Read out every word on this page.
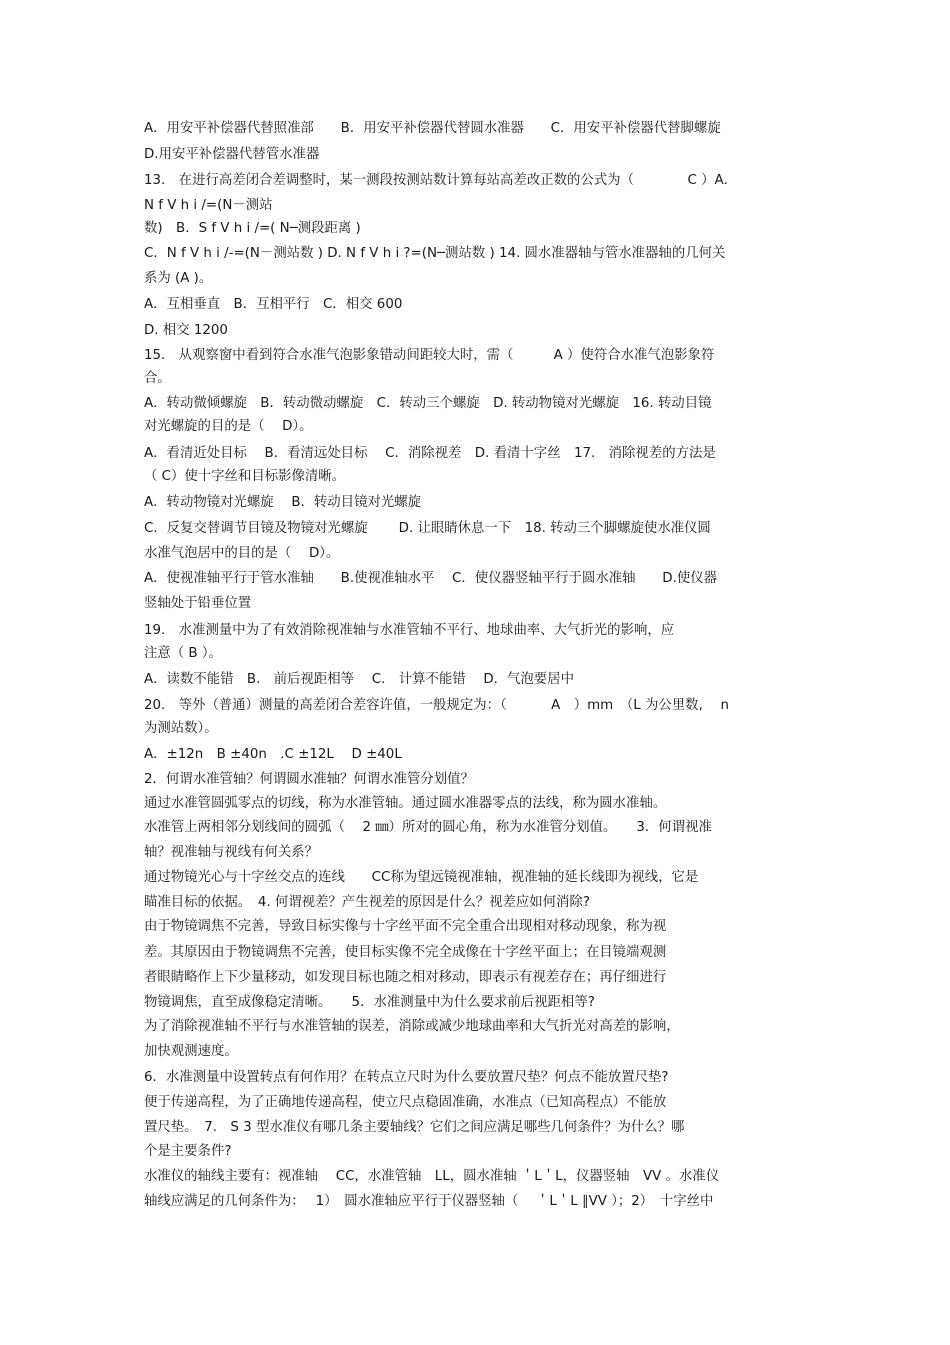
A．用安平补偿器代替照准部　　B．用安平补偿器代替圆水准器　　C．用安平补偿器代替脚螺旋
D.用安平补偿器代替管水准器
13.　在进行高差闭合差调整时，某一测段按测站数计算每站高差改正数的公式为（　　　　C ）A．
N f V h i /=(N－测站
数)　B．S f V h i /=( N─测段距离 )
C．N f V h i /-=(N－测站数 ) D. N f V h i ?=(N─测站数 ) 14. 圆水准器轴与管水准器轴的几何关
系为 (A )。
A．互相垂直　B．互相平行　C．相交 600
D. 相交 1200
15.　从观察窗中看到符合水准气泡影象错动间距较大时，需（　　　A ）使符合水准气泡影象符
合。
A．转动微倾螺旋　B．转动微动螺旋　C．转动三个螺旋　D. 转动物镜对光螺旋　16. 转动目镜
对光螺旋的目的是（　 D）。
A．看清近处目标　 B．看清远处目标　 C．消除视差　D. 看清十字丝　17.　消除视差的方法是
（ C）使十字丝和目标影像清晰。
A．转动物镜对光螺旋　 B．转动目镜对光螺旋
C．反复交替调节目镜及物镜对光螺旋　　 D. 让眼睛休息一下　18. 转动三个脚螺旋使水准仪圆
水准气泡居中的目的是（　 D）。
A．使视准轴平行于管水准轴　　B.使视准轴水平　 C．使仪器竖轴平行于圆水准轴　　D.使仪器
竖轴处于铅垂位置
19.　水准测量中为了有效消除视准轴与水准管轴不平行、地球曲率、大气折光的影响，应
注意（ B ）。
A．读数不能错　B.　前后视距相等　 C.　计算不能错　 D．气泡要居中
20.　等外（普通）测量的高差闭合差容许值，一般规定为：（　　　 A　）mm　（L 为公里数,　 n
为测站数）。
A．±12n　B ±40n　.C ±12L　 D ±40L
2．何谓水准管轴？何谓圆水准轴？何谓水准管分划值？
通过水准管圆弧零点的切线，称为水准管轴。通过圆水准器零点的法线，称为圆水准轴。
水准管上两相邻分划线间的圆弧（　 2 ㎜）所对的圆心角，称为水准管分划值。　　3．何谓视准
轴？视准轴与视线有何关系？
通过物镜光心与十字丝交点的连线　　CC称为望远镜视准轴，视准轴的延长线即为视线，它是
瞄准目标的依据。　4. 何谓视差？产生视差的原因是什么？视差应如何消除?
由于物镜调焦不完善，导致目标实像与十字丝平面不完全重合出现相对移动现象，称为视
差。其原因由于物镜调焦不完善，使目标实像不完全成像在十字丝平面上；在目镜端观测
者眼睛略作上下少量移动，如发现目标也随之相对移动，即表示有视差存在；再仔细进行
物镜调焦，直至成像稳定清晰。　　5．水准测量中为什么要求前后视距相等?
为了消除视准轴不平行与水准管轴的误差，消除或减少地球曲率和大气折光对高差的影响，
加快观测速度。
6．水准测量中设置转点有何作用？在转点立尺时为什么要放置尺垫？何点不能放置尺垫?
便于传递高程，为了正确地传递高程，使立尺点稳固准确，水准点（已知高程点）不能放
置尺垫。　7.　S 3 型水准仪有哪几条主要轴线？它们之间应满足哪些几何条件？为什么？哪
个是主要条件?
水准仪的轴线主要有：视准轴　 CC，水准管轴　LL，圆水准轴 ＇L＇L，仪器竖轴　VV 。水准仪
轴线应满足的几何条件为：　 1）　圆水准轴应平行于仪器竖轴（　 ＇L＇L ∥VV ）；2）　十字丝中
